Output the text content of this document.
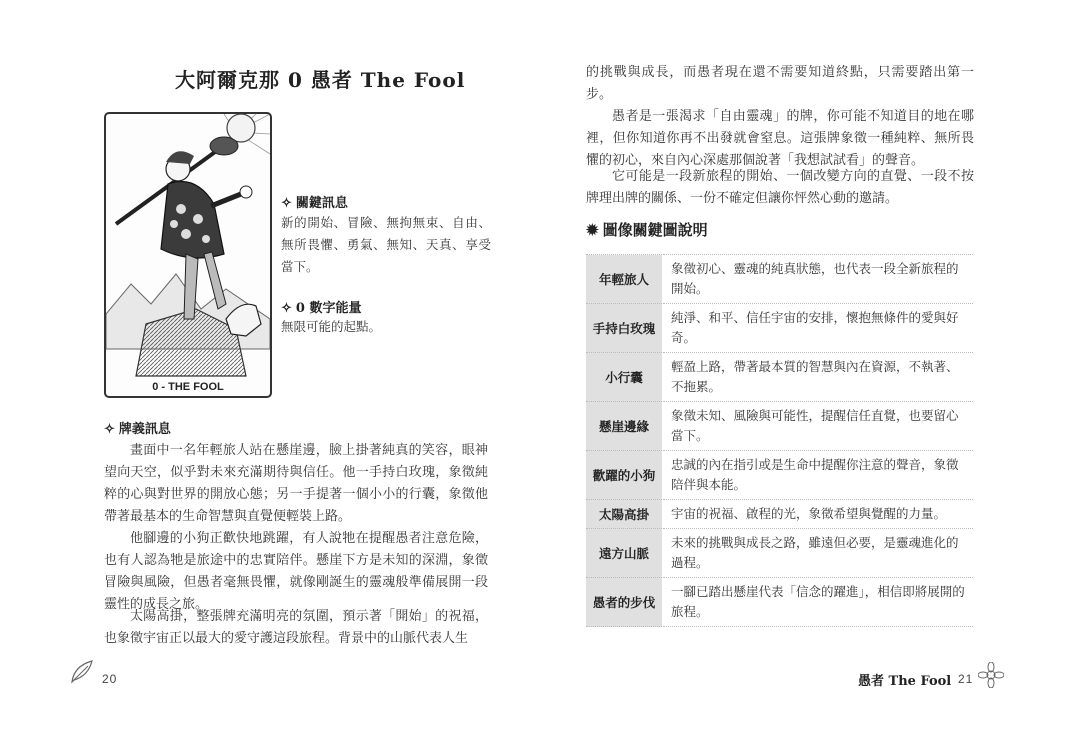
大阿爾克那 0 愚者 The Fool
0 - THE FOOL
✧ 關鍵訊息
新的開始、冒險、無拘無束、自由、無所畏懼、勇氣、無知、天真、享受當下。
✧ 0 數字能量
無限可能的起點。
✧ 牌義訊息
畫面中一名年輕旅人站在懸崖邊，臉上掛著純真的笑容，眼神望向天空，似乎對未來充滿期待與信任。他一手持白玫瑰，象徵純粹的心與對世界的開放心態；另一手提著一個小小的行囊，象徵他帶著最基本的生命智慧與直覺便輕裝上路。
他腳邊的小狗正歡快地跳躍，有人說牠在提醒愚者注意危險，也有人認為牠是旅途中的忠實陪伴。懸崖下方是未知的深淵，象徵冒險與風險，但愚者毫無畏懼，就像剛誕生的靈魂般準備展開一段靈性的成長之旅。
太陽高掛，整張牌充滿明亮的氛圍，預示著「開始」的祝福，也象徵宇宙正以最大的愛守護這段旅程。背景中的山脈代表人生
20
的挑戰與成長，而愚者現在還不需要知道終點，只需要踏出第一步。
愚者是一張渴求「自由靈魂」的牌，你可能不知道目的地在哪裡，但你知道你再不出發就會窒息。這張牌象徵一種純粹、無所畏懼的初心，來自內心深處那個說著「我想試試看」的聲音。
它可能是一段新旅程的開始、一個改變方向的直覺、一段不按牌理出牌的關係、一份不確定但讓你怦然心動的邀請。
✹ 圖像關鍵圖說明
年輕旅人	象徵初心、靈魂的純真狀態，也代表一段全新旅程的開始。
手持白玫瑰	純淨、和平、信任宇宙的安排，懷抱無條件的愛與好奇。
小行囊	輕盈上路，帶著最本質的智慧與內在資源，不執著、不拖累。
懸崖邊緣	象徵未知、風險與可能性，提醒信任直覺，也要留心當下。
歡躍的小狗	忠誠的內在指引或是生命中提醒你注意的聲音，象徵陪伴與本能。
太陽高掛	宇宙的祝福、啟程的光，象徵希望與覺醒的力量。
遠方山脈	未來的挑戰與成長之路，雖遠但必要，是靈魂進化的過程。
愚者的步伐	一腳已踏出懸崖代表「信念的躍進」，相信即將展開的旅程。
愚者 The Fool 21
